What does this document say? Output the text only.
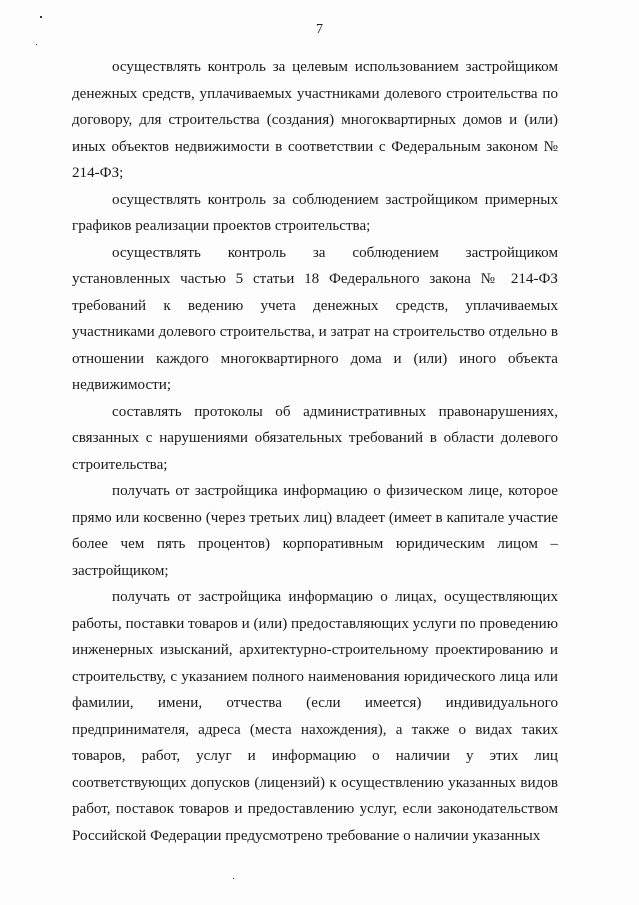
7

осуществлять контроль за целевым использованием застройщиком денежных средств, уплачиваемых участниками долевого строительства по договору, для строительства (создания) многоквартирных домов и (или) иных объектов недвижимости в соответствии с Федеральным законом № 214-ФЗ;

осуществлять контроль за соблюдением застройщиком примерных графиков реализации проектов строительства;

осуществлять контроль за соблюдением застройщиком установленных частью 5 статьи 18 Федерального закона № 214-ФЗ требований к ведению учета денежных средств, уплачиваемых участниками долевого строительства, и затрат на строительство отдельно в отношении каждого многоквартирного дома и (или) иного объекта недвижимости;

составлять протоколы об административных правонарушениях, связанных с нарушениями обязательных требований в области долевого строительства;

получать от застройщика информацию о физическом лице, которое прямо или косвенно (через третьих лиц) владеет (имеет в капитале участие более чем пять процентов) корпоративным юридическим лицом – застройщиком;

получать от застройщика информацию о лицах, осуществляющих работы, поставки товаров и (или) предоставляющих услуги по проведению инженерных изысканий, архитектурно-строительному проектированию и строительству, с указанием полного наименования юридического лица или фамилии, имени, отчества (если имеется) индивидуального предпринимателя, адреса (места нахождения), а также о видах таких товаров, работ, услуг и информацию о наличии у этих лиц соответствующих допусков (лицензий) к осуществлению указанных видов работ, поставок товаров и предоставлению услуг, если законодательством Российской Федерации предусмотрено требование о наличии указанных
